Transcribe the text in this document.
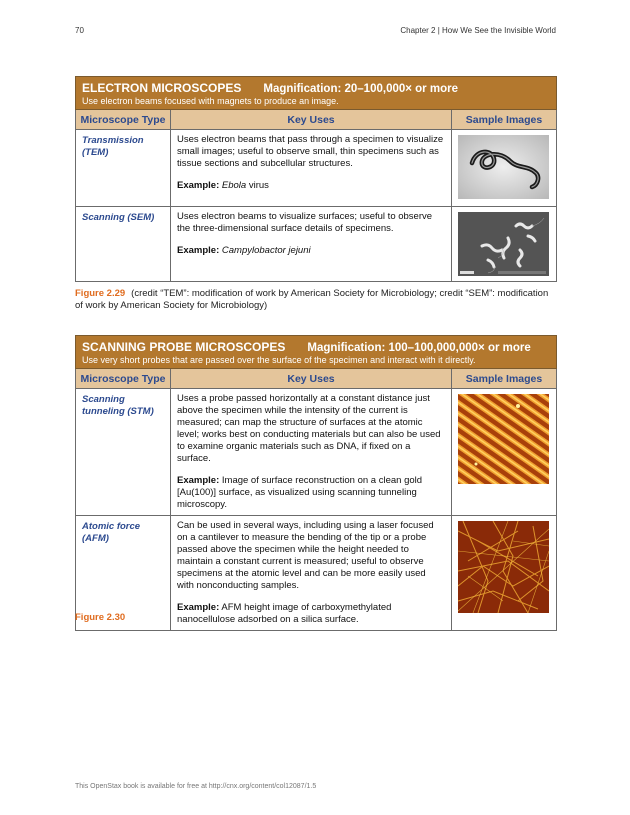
70	Chapter 2 | How We See the Invisible World
ELECTRON MICROSCOPES Magnification: 20–100,000× or more
Use electron beams focused with magnets to produce an image.		

Microscope Type	Key Uses	Sample Images
Transmission (TEM)	Uses electron beams that pass through a specimen to visualize small images; useful to observe small, thin specimens such as tissue sections and subcellular structures.

Example: Ebola virus

Scanning (SEM)	Uses electron beams to visualize surfaces; useful to observe the three-dimensional surface details of specimens.

Example: Campylobactor jejuni

Figure 2.29 (credit “TEM”: modification of work by American Society for Microbiology; credit “SEM”: modification of work by American Society for Microbiology)
SCANNING PROBE MICROSCOPES Magnification: 100–100,000,000× or more
Use very short probes that are passed over the surface of the specimen and interact with it directly.		

Microscope Type	Key Uses	Sample Images
Scanning tunneling (STM)	Uses a probe passed horizontally at a constant distance just above the specimen while the intensity of the current is measured; can map the structure of surfaces at the atomic level; works best on conducting materials but can also be used to examine organic materials such as DNA, if fixed on a surface.

Example: Image of surface reconstruction on a clean gold [Au(100)] surface, as visualized using scanning tunneling microscopy.

Atomic force (AFM)	Can be used in several ways, including using a laser focused on a cantilever to measure the bending of the tip or a probe passed above the specimen while the height needed to maintain a constant current is measured; useful to observe specimens at the atomic level and can be more easily used with nonconducting samples.

Example: AFM height image of carboxymethylated nanocellulose adsorbed on a silica surface.

Figure 2.30
This OpenStax book is available for free at http://cnx.org/content/col12087/1.5
